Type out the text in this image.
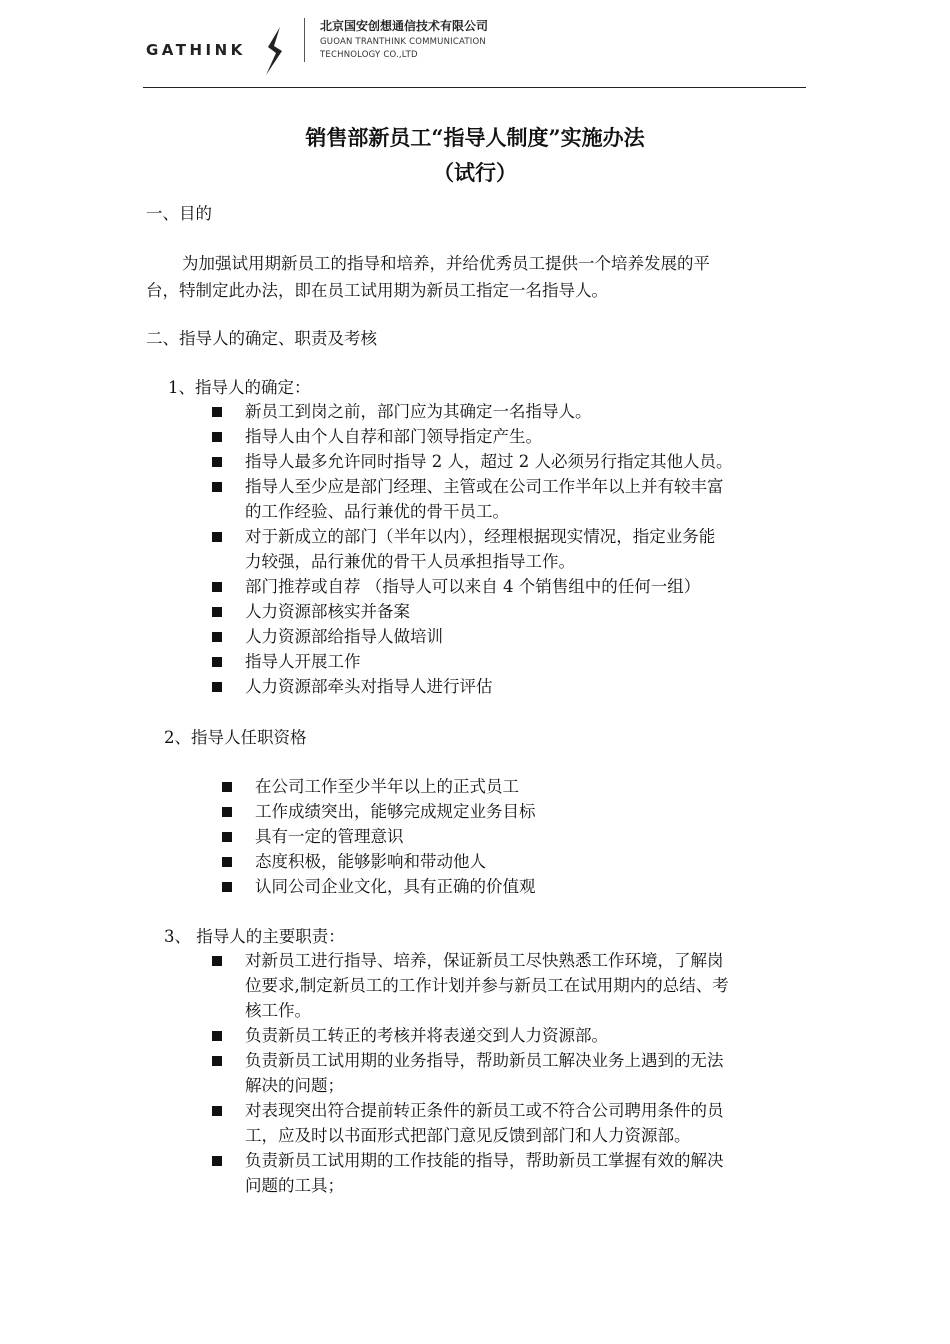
GATHINK
北京国安创想通信技术有限公司
GUOAN TRANTHINK COMMUNICATION
TECHNOLOGY CO.,LTD
销售部新员工“指导人制度”实施办法
（试行）
一、目的
为加强试用期新员工的指导和培养，并给优秀员工提供一个培养发展的平
台，特制定此办法，即在员工试用期为新员工指定一名指导人。
二、指导人的确定、职责及考核
1、指导人的确定：
新员工到岗之前，部门应为其确定一名指导人。
指导人由个人自荐和部门领导指定产生。
指导人最多允许同时指导 2 人，超过 2 人必须另行指定其他人员。
指导人至少应是部门经理、主管或在公司工作半年以上并有较丰富
的工作经验、品行兼优的骨干员工。
对于新成立的部门（半年以内），经理根据现实情况，指定业务能
力较强，品行兼优的骨干人员承担指导工作。
部门推荐或自荐 （指导人可以来自 4 个销售组中的任何一组）
人力资源部核实并备案
人力资源部给指导人做培训
指导人开展工作
人力资源部牵头对指导人进行评估
2、指导人任职资格
在公司工作至少半年以上的正式员工
工作成绩突出，能够完成规定业务目标
具有一定的管理意识
态度积极，能够影响和带动他人
认同公司企业文化，具有正确的价值观
3、 指导人的主要职责：
对新员工进行指导、培养，保证新员工尽快熟悉工作环境，了解岗
位要求,制定新员工的工作计划并参与新员工在试用期内的总结、考
核工作。
负责新员工转正的考核并将表递交到人力资源部。
负责新员工试用期的业务指导，帮助新员工解决业务上遇到的无法
解决的问题；
对表现突出符合提前转正条件的新员工或不符合公司聘用条件的员
工，应及时以书面形式把部门意见反馈到部门和人力资源部。
负责新员工试用期的工作技能的指导，帮助新员工掌握有效的解决
问题的工具；
